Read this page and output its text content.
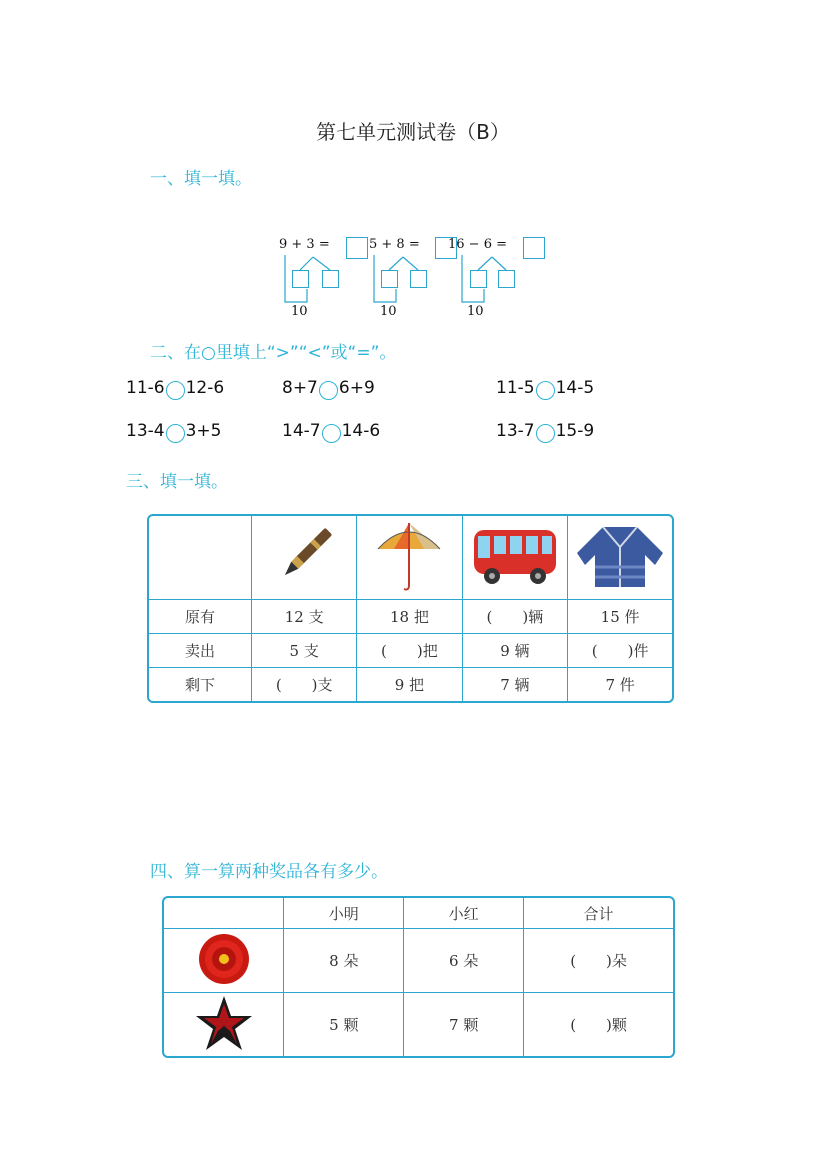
第七单元测试卷（B）
一、填一填。
9 + 3 =
10
5 + 8 =
10
16 − 6 =
10
二、在○里填上“>”“<”或“=”。
11-6 12-6	8+7 6+9	11-5 14-5
13-4 3+5	14-7 14-6	13-7 15-9
三、填一填。

原有	12 支	18 把	(　　)辆	15 件
卖出	5 支	(　　)把	9 辆	(　　)件
剩下	(　　)支	9 把	7 辆	7 件
四、算一算两种奖品各有多少。
	小明	小红	合计
	8 朵	6 朵	(　　)朵
	5 颗	7 颗	(　　)颗
